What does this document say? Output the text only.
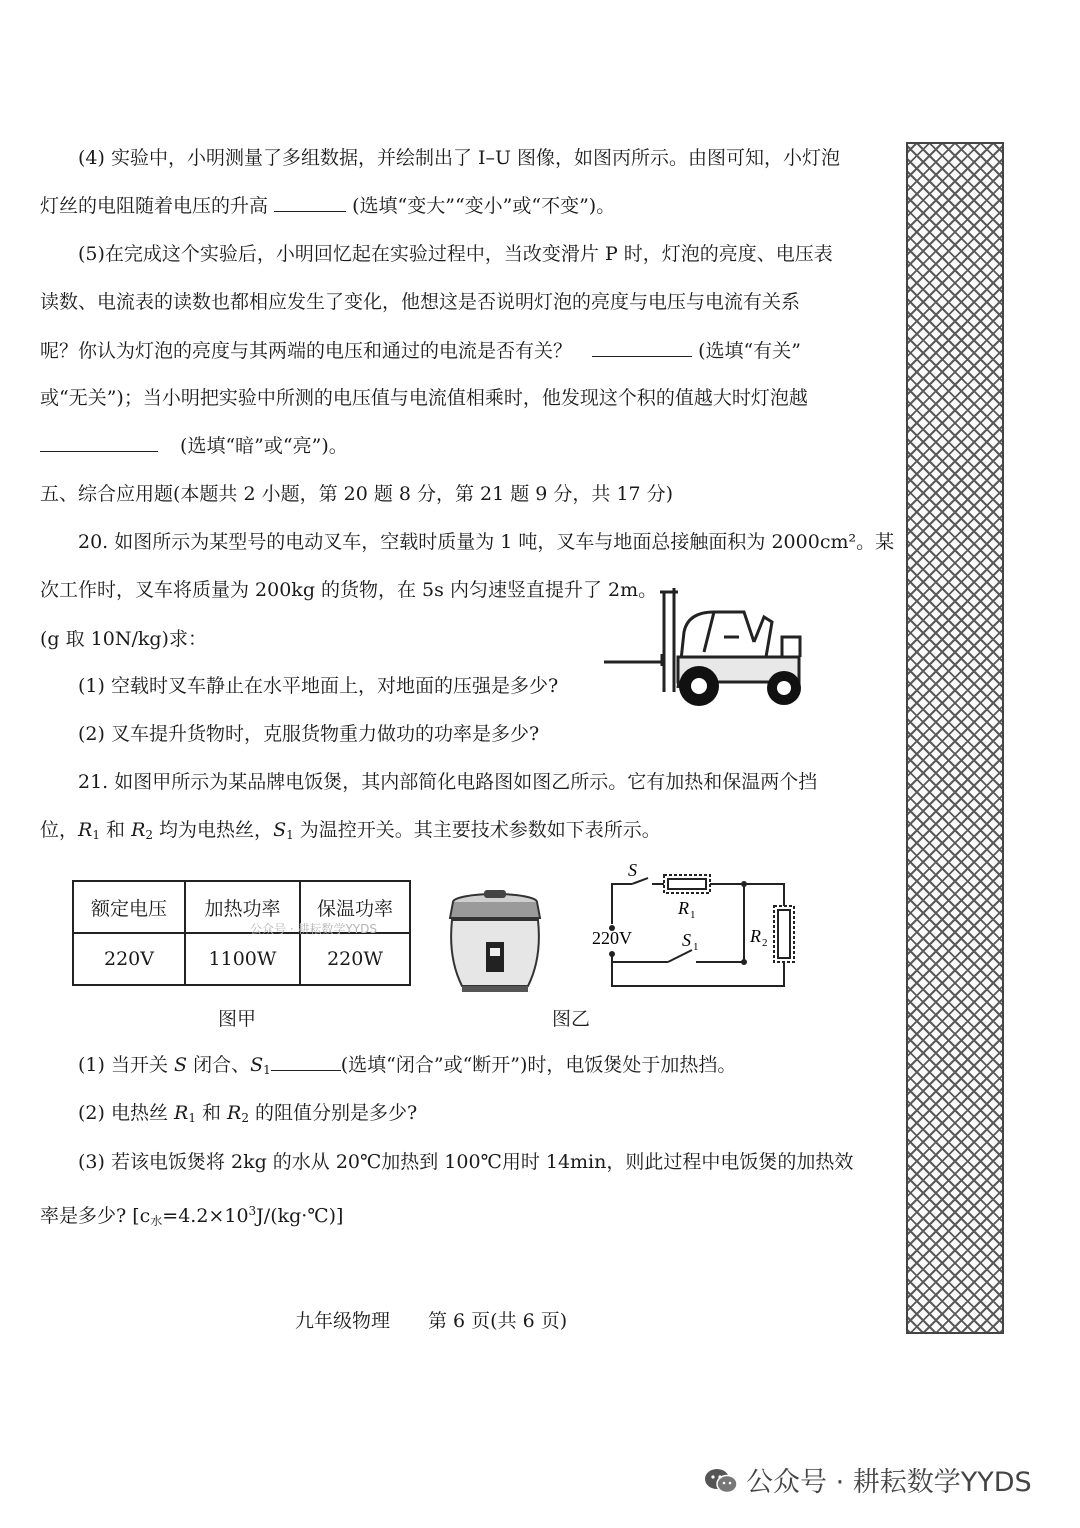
(4) 实验中，小明测量了多组数据，并绘制出了 I–U 图像，如图丙所示。由图可知，小灯泡
灯丝的电阻随着电压的升高	(选填“变大”“变小”或“不变”)。
(5)在完成这个实验后，小明回忆起在实验过程中，当改变滑片 P 时，灯泡的亮度、电压表
读数、电流表的读数也都相应发生了变化，他想这是否说明灯泡的亮度与电压与电流有关系
呢？你认为灯泡的亮度与其两端的电压和通过的电流是否有关？	(选填“有关”
或“无关”)；当小明把实验中所测的电压值与电流值相乘时，他发现这个积的值越大时灯泡越
(选填“暗”或“亮”)。
五、综合应用题(本题共 2 小题，第 20 题 8 分，第 21 题 9 分，共 17 分)
20. 如图所示为某型号的电动叉车，空载时质量为 1 吨，叉车与地面总接触面积为 2000cm²。某
次工作时，叉车将质量为 200kg 的货物，在 5s 内匀速竖直提升了 2m。
(g 取 10N/kg)求：
(1) 空载时叉车静止在水平地面上，对地面的压强是多少?
(2) 叉车提升货物时，克服货物重力做功的功率是多少?
21. 如图甲所示为某品牌电饭煲，其内部简化电路图如图乙所示。它有加热和保温两个挡
位，$R_1$ 和 $R_2$ 均为电热丝，$S_1$ 为温控开关。其主要技术参数如下表所示。
额定电压	加热功率	保温功率
220V	1100W	220W
公众号 · 耕耘数学YYDS
S
R 1
S 1
R 2
220V
图甲	图乙
(1) 当开关 S 闭合、$S_1$	(选填“闭合”或“断开”)时，电饭煲处于加热挡。
(2) 电热丝 $R_1$ 和 $R_2$ 的阻值分别是多少?
(3) 若该电饭煲将 2kg 的水从 20℃加热到 100℃用时 14min，则此过程中电饭煲的加热效
率是多少? $[c_水=4.2\times 10^3J/(kg\cdot℃)]$
九年级物理　　第 6 页(共 6 页)
公众号 · 耕耘数学YYDS
